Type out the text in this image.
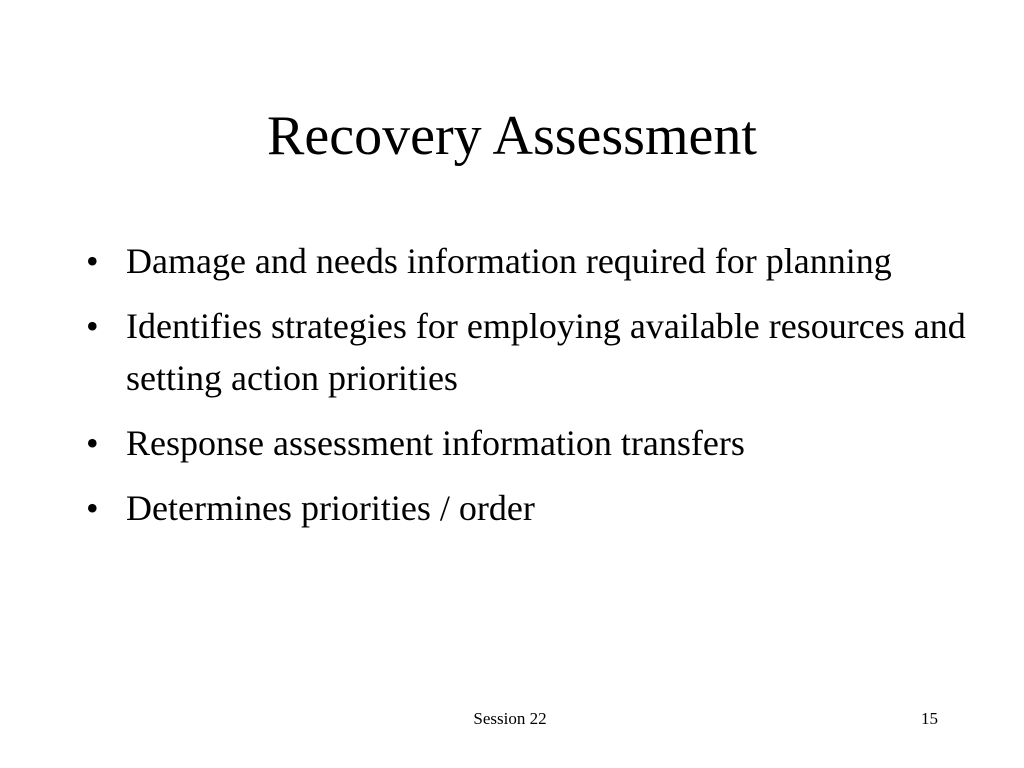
Recovery Assessment
• Damage and needs information required for planning
• Identifies strategies for employing available resources and setting action priorities
• Response assessment information transfers
• Determines priorities / order
Session 22	15
